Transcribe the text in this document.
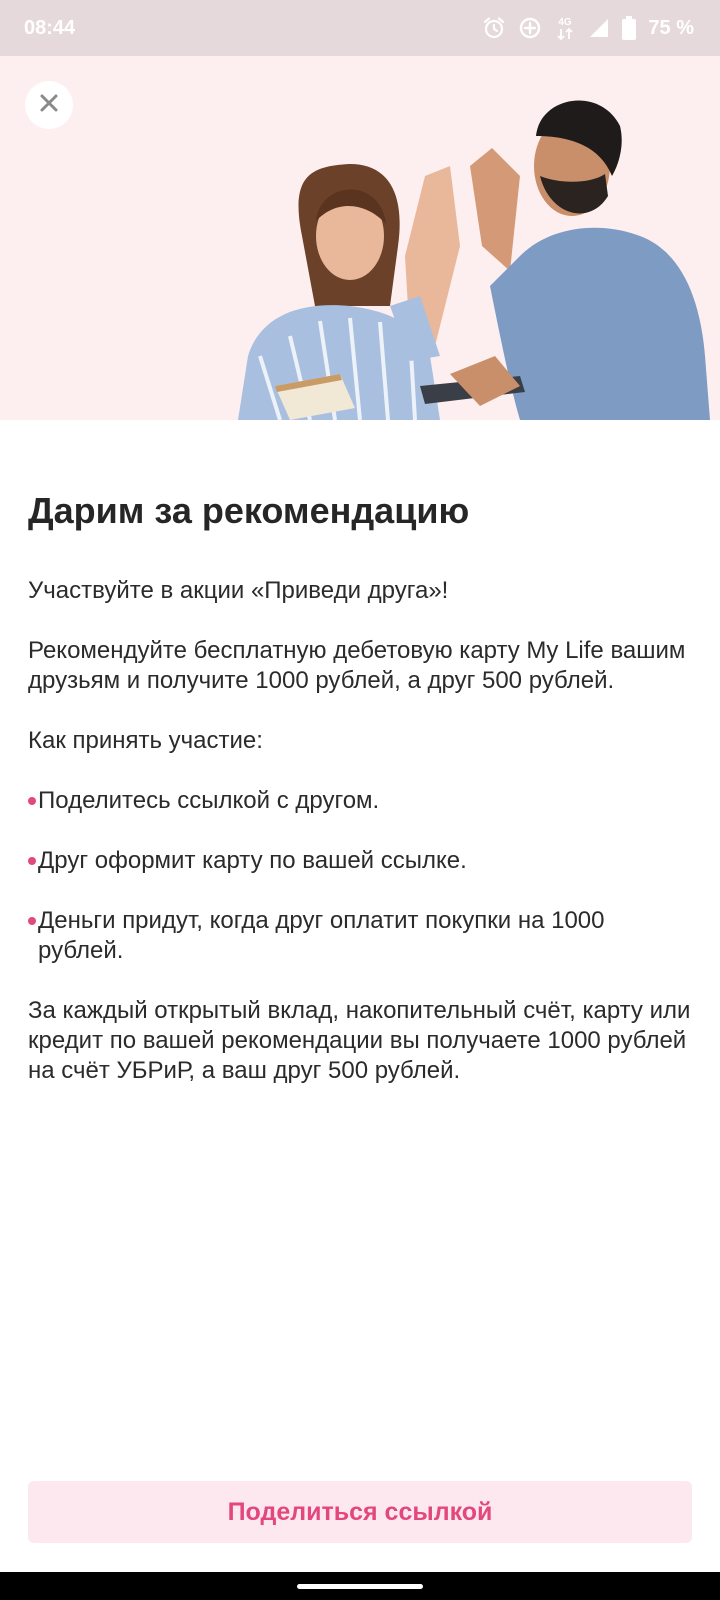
08:44	4G	75 %
Дарим за рекомендацию

Участвуйте в акции «Приведи друга»!

Рекомендуйте бесплатную дебетовую карту My Life вашим друзьям и получите 1000 рублей, а друг 500 рублей.

Как принять участие:

Поделитесь ссылкой с другом.
Друг оформит карту по вашей ссылке.
Деньги придут, когда друг оплатит покупки на 1000 рублей.

За каждый открытый вклад, накопительный счёт, карту или кредит по вашей рекомендации вы получаете 1000 рублей на счёт УБРиР, а ваш друг 500 рублей.

Поделиться ссылкой
